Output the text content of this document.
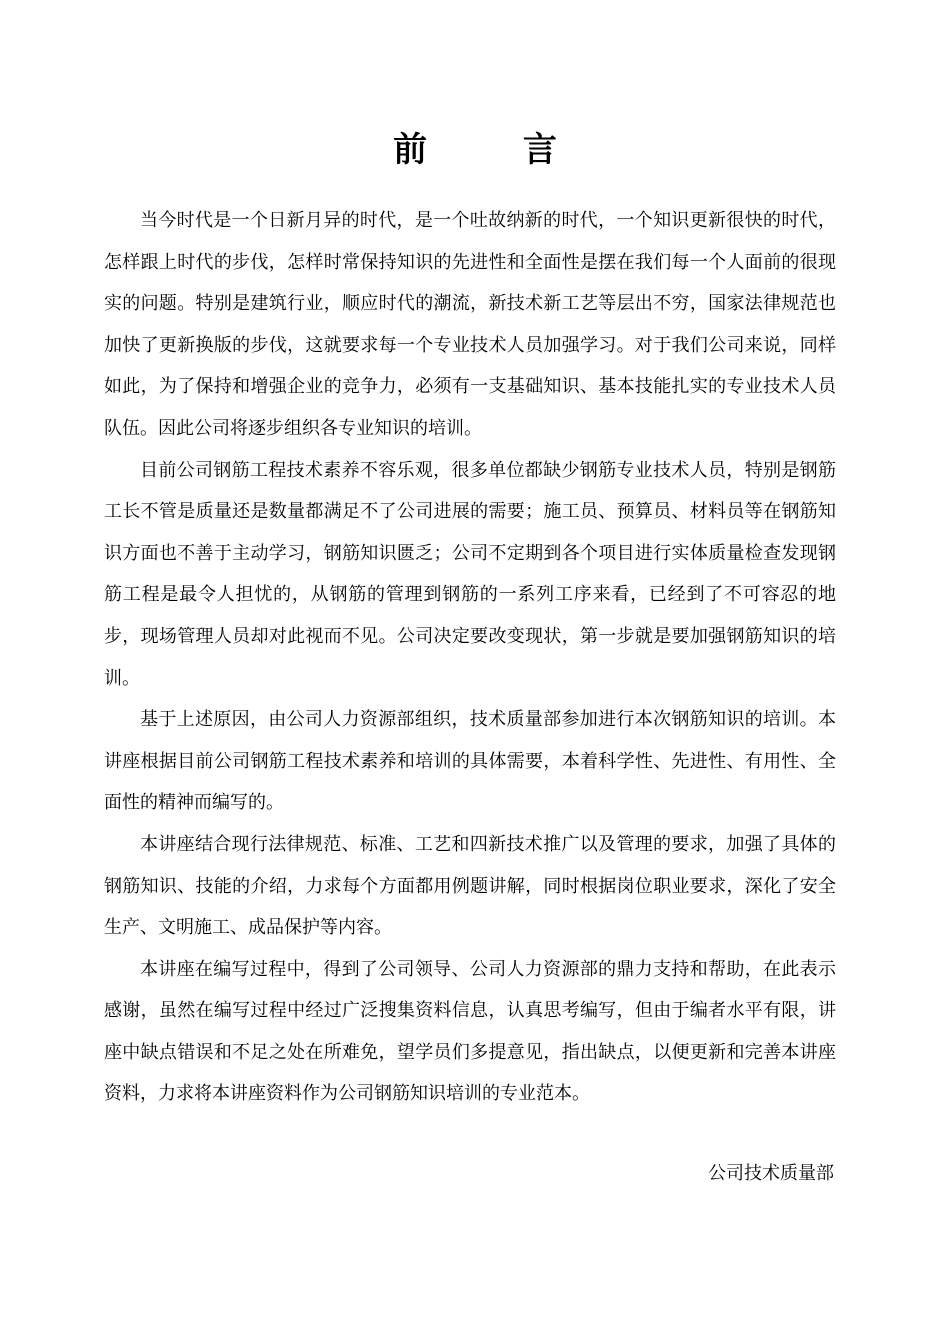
前 言

当今时代是一个日新月异的时代，是一个吐故纳新的时代，一个知识更新很快的时代，怎样跟上时代的步伐，怎样时常保持知识的先进性和全面性是摆在我们每一个人面前的很现实的问题。特别是建筑行业，顺应时代的潮流，新技术新工艺等层出不穷，国家法律规范也加快了更新换版的步伐，这就要求每一个专业技术人员加强学习。对于我们公司来说，同样如此，为了保持和增强企业的竞争力，必须有一支基础知识、基本技能扎实的专业技术人员队伍。因此公司将逐步组织各专业知识的培训。

目前公司钢筋工程技术素养不容乐观，很多单位都缺少钢筋专业技术人员，特别是钢筋工长不管是质量还是数量都满足不了公司进展的需要；施工员、预算员、材料员等在钢筋知识方面也不善于主动学习，钢筋知识匮乏；公司不定期到各个项目进行实体质量检查发现钢筋工程是最令人担忧的，从钢筋的管理到钢筋的一系列工序来看，已经到了不可容忍的地步，现场管理人员却对此视而不见。公司决定要改变现状，第一步就是要加强钢筋知识的培训。

基于上述原因，由公司人力资源部组织，技术质量部参加进行本次钢筋知识的培训。本讲座根据目前公司钢筋工程技术素养和培训的具体需要，本着科学性、先进性、有用性、全面性的精神而编写的。

本讲座结合现行法律规范、标准、工艺和四新技术推广以及管理的要求，加强了具体的钢筋知识、技能的介绍，力求每个方面都用例题讲解，同时根据岗位职业要求，深化了安全生产、文明施工、成品保护等内容。

本讲座在编写过程中，得到了公司领导、公司人力资源部的鼎力支持和帮助，在此表示感谢，虽然在编写过程中经过广泛搜集资料信息，认真思考编写，但由于编者水平有限，讲座中缺点错误和不足之处在所难免，望学员们多提意见，指出缺点，以便更新和完善本讲座资料，力求将本讲座资料作为公司钢筋知识培训的专业范本。

公司技术质量部
